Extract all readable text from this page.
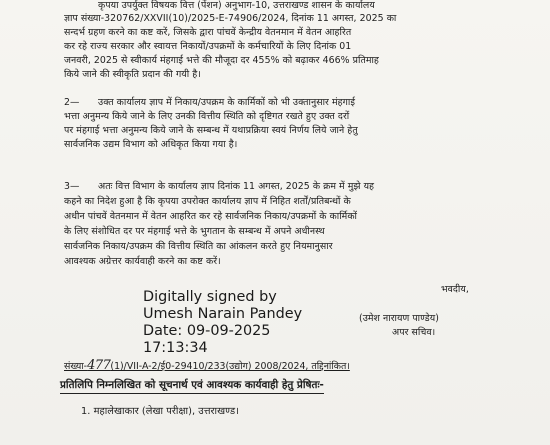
कृपया उपर्युक्त विषयक वित्त (पेंशन) अनुभाग-10, उत्तराखण्ड शासन के कार्यालय
ज्ञाप संख्या-320762/XXVII(10)/2025-E-74906/2024, दिनांक 11 अगस्त, 2025 का
सन्दर्भ ग्रहण करने का कष्ट करें, जिसके द्वारा पांचवें केन्द्रीय वेतनमान में वेतन आहरित
कर रहे राज्य सरकार और स्वायत्त निकायों/उपक्रमों के कर्मचारियों के लिए दिनांक 01
जनवरी, 2025 से स्वीकार्य मंहगाई भत्ते की मौजूदा दर 455% को बढ़ाकर 466% प्रतिमाह
किये जाने की स्वीकृति प्रदान की गयी है।
2— उक्त कार्यालय ज्ञाप में निकाय/उपक्रम के कार्मिकों को भी उक्तानुसार मंहगाई
भत्ता अनुमन्य किये जाने के लिए उनकी वित्तीय स्थिति को दृष्टिगत रखते हुए उक्त दरों
पर मंहगाई भत्ता अनुमन्य किये जाने के सम्बन्ध में यथाप्रक्रिया स्वयं निर्णय लिये जाने हेतु
सार्वजनिक उद्यम विभाग को अधिकृत किया गया है।
3— अतः वित्त विभाग के कार्यालय ज्ञाप दिनांक 11 अगस्त, 2025 के क्रम में मुझे यह
कहने का निदेश हुआ है कि कृपया उपरोक्त कार्यालय ज्ञाप में निहित शर्तों/प्रतिबन्धों के
अधीन पांचवें वेतनमान में वेतन आहरित कर रहे सार्वजनिक निकाय/उपक्रमों के कार्मिकों
के लिए संशोधित दर पर मंहगाई भत्ते के भुगतान के सम्बन्ध में अपने अधीनस्थ
सार्वजनिक निकाय/उपक्रम की वित्तीय स्थिति का आंकलन करते हुए नियमानुसार
आवश्यक अग्रेत्तर कार्यवाही करने का कष्ट करें।
भवदीय,
Digitally signed by
Umesh Narain Pandey
Date: 09-09-2025
17:13:34
(उमेश नारायण पाण्डेय)
अपर सचिव।
संख्या-477(1)/VII-A-2/ई0-29410/233(उद्योग) 2008/2024, तद्दिनांकित।
प्रतिलिपि निम्नलिखित को सूचनार्थ एवं आवश्यक कार्यवाही हेतु प्रेषितः-
1. महालेखाकार (लेखा परीक्षा), उत्तराखण्ड।
